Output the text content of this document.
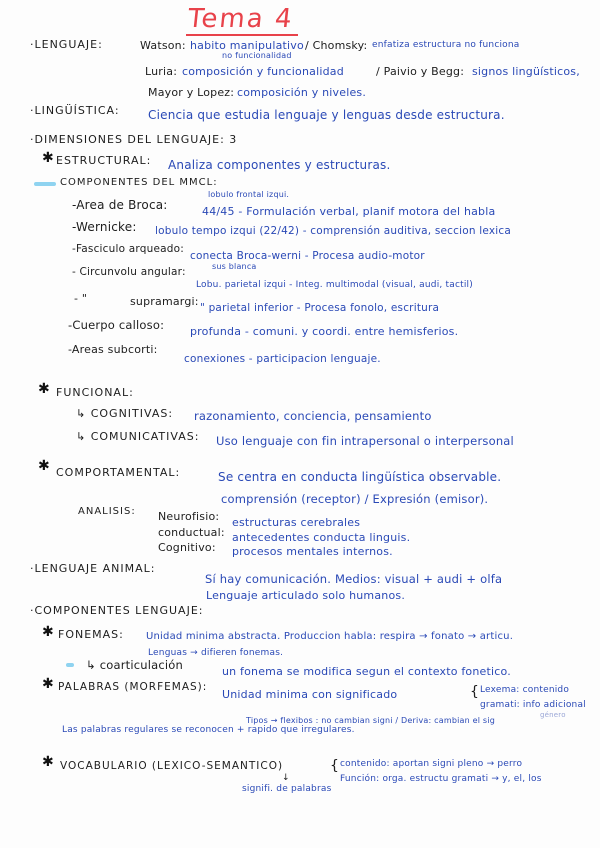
Tema 4
·LENGUAJE:	Watson: habito manipulativo / Chomsky: enfatiza estructura no funciona
no funcionalidad
Luria: composición y funcionalidad	/ Paivio y Begg: signos lingüísticos,
Mayor y Lopez: composición y niveles.
·LINGÜÍSTICA: Ciencia que estudia lenguaje y lenguas desde estructura.
·DIMENSIONES DEL LENGUAJE: 3
✱ ESTRUCTURAL: Analiza componentes y estructuras.
COMPONENTES DEL MMCL:
lobulo frontal izqui.
-Area de Broca:	44/45 - Formulación verbal, planif motora del habla
-Wernicke: lobulo tempo izqui (22/42) - comprensión auditiva, seccion lexica
-Fasciculo arqueado:
conecta Broca-werni - Procesa audio-motor
sus blanca
- Circunvolu angular:
Lobu. parietal izqui - Integ. multimodal (visual, audi, tactil)
- "	supramargi: " parietal inferior - Procesa fonolo, escritura
-Cuerpo calloso: profunda - comuni. y coordi. entre hemisferios.
-Areas subcorti:
conexiones - participacion lenguaje.
✱ FUNCIONAL:
↳ COGNITIVAS: razonamiento, conciencia, pensamiento
↳ COMUNICATIVAS: Uso lenguaje con fin intrapersonal o interpersonal
✱ COMPORTAMENTAL:	Se centra en conducta lingüística observable.
comprensión (receptor) / Expresión (emisor).
ANALISIS: Neurofisio: estructuras cerebrales
conductual: antecedentes conducta linguis.
Cognitivo: procesos mentales internos.
·LENGUAJE ANIMAL:
Sí hay comunicación. Medios: visual + audi + olfa
Lenguaje articulado solo humanos.
·COMPONENTES LENGUAJE:
✱ FONEMAS: Unidad minima abstracta. Produccion habla: respira → fonato → articu.
Lenguas → difieren fonemas.
↳ coarticulación	un fonema se modifica segun el contexto fonetico.
✱ PALABRAS (MORFEMAS):
Unidad minima con significado	{ Lexema: contenido
gramati: info adicional
género
Tipos → flexibos : no cambian signi / Deriva: cambian el sig
Las palabras regulares se reconocen + rapido que irregulares.
✱ VOCABULARIO (LEXICO-SEMANTICO)	{ contenido: aportan signi pleno → perro
Función: orga. estructu gramati → y, el, los
↓
signifi. de palabras
